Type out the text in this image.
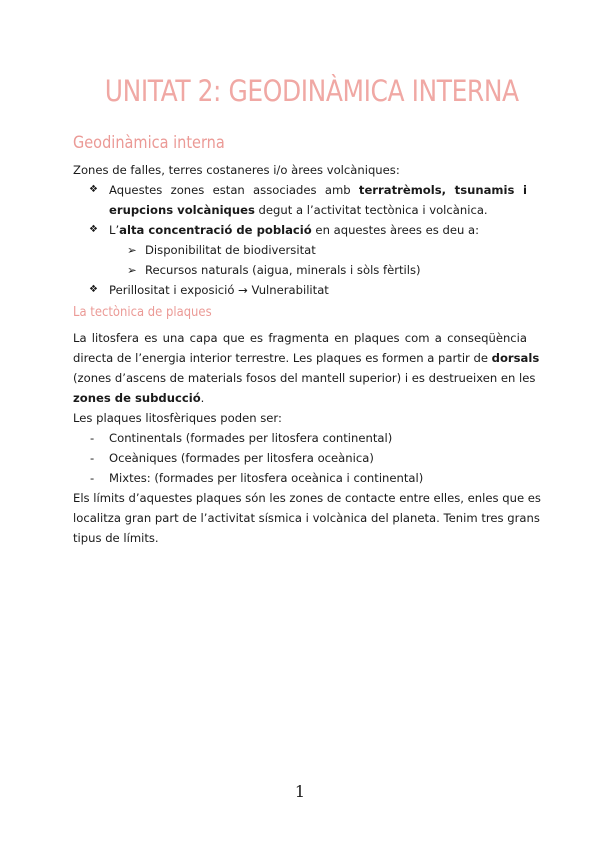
UNITAT 2: GEODINÀMICA INTERNA
Geodinàmica interna
Zones de falles, terres costaneres i/o àrees volcàniques:
❖ Aquestes zones estan associades amb terratrèmols, tsunamis i
erupcions volcàniques degut a l’activitat tectònica i volcànica.
❖ L’alta concentració de població en aquestes àrees es deu a:
➢ Disponibilitat de biodiversitat
➢ Recursos naturals (aigua, minerals i sòls fèrtils)
❖ Perillositat i exposició → Vulnerabilitat
La tectònica de plaques
La litosfera es una capa que es fragmenta en plaques com a conseqüència
directa de l’energia interior terrestre. Les plaques es formen a partir de dorsals
(zones d’ascens de materials fosos del mantell superior) i es destrueixen en les
zones de subducció.
Les plaques litosfèriques poden ser:
- Continentals (formades per litosfera continental)
- Oceàniques (formades per litosfera oceànica)
- Mixtes: (formades per litosfera oceànica i continental)
Els límits d’aquestes plaques són les zones de contacte entre elles, enles que es
localitza gran part de l’activitat sísmica i volcànica del planeta. Tenim tres grans
tipus de límits.
1
